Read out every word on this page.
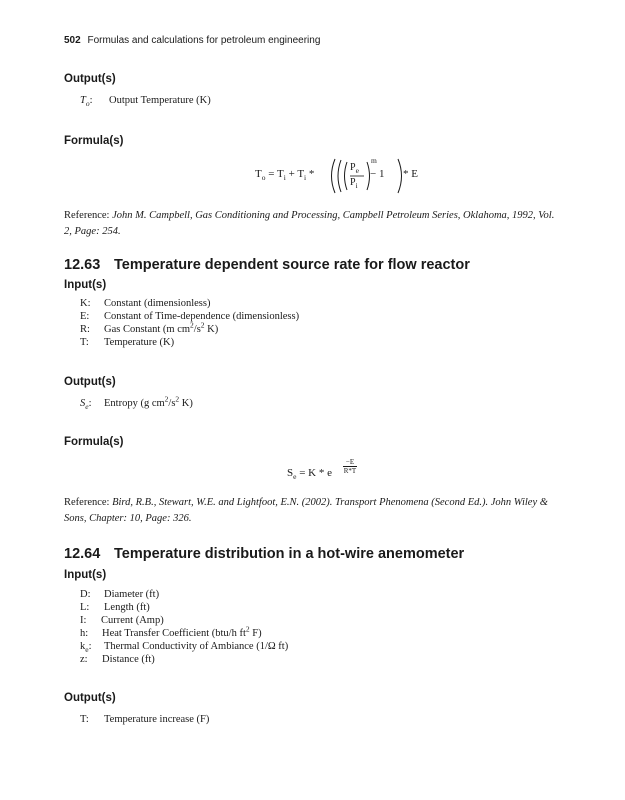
502 Formulas and calculations for petroleum engineering
Output(s)
$T_o$: Output Temperature (K)
Formula(s)
$T_o = T_i + T_i$ *
$P_e$
$P_i$
m
− 1 * E
Reference: John M. Campbell, Gas Conditioning and Processing, Campbell Petroleum Series, Oklahoma, 1992, Vol. 2, Page: 254.
12.63 Temperature dependent source rate for flow reactor
Input(s)
K: Constant (dimensionless)
E: Constant of Time-dependence (dimensionless)
R: Gas Constant (m $cm^2/s^2$ K)
T: Temperature (K)
Output(s)
$S_e$: Entropy (g $cm^2/s^2$ K)
Formula(s)
$S_e = K * e$
−E
R*T
Reference: Bird, R.B., Stewart, W.E. and Lightfoot, E.N. (2002). Transport Phenomena (Second Ed.). John Wiley & Sons, Chapter: 10, Page: 326.
12.64 Temperature distribution in a hot-wire anemometer
Input(s)
D: Diameter (ft)
L: Length (ft)
I: Current (Amp)
h: Heat Transfer Coefficient (btu/h $ft^2$ F)
$k_e$: Thermal Conductivity of Ambiance (1/Ω ft)
z: Distance (ft)
Output(s)
T: Temperature increase (F)
